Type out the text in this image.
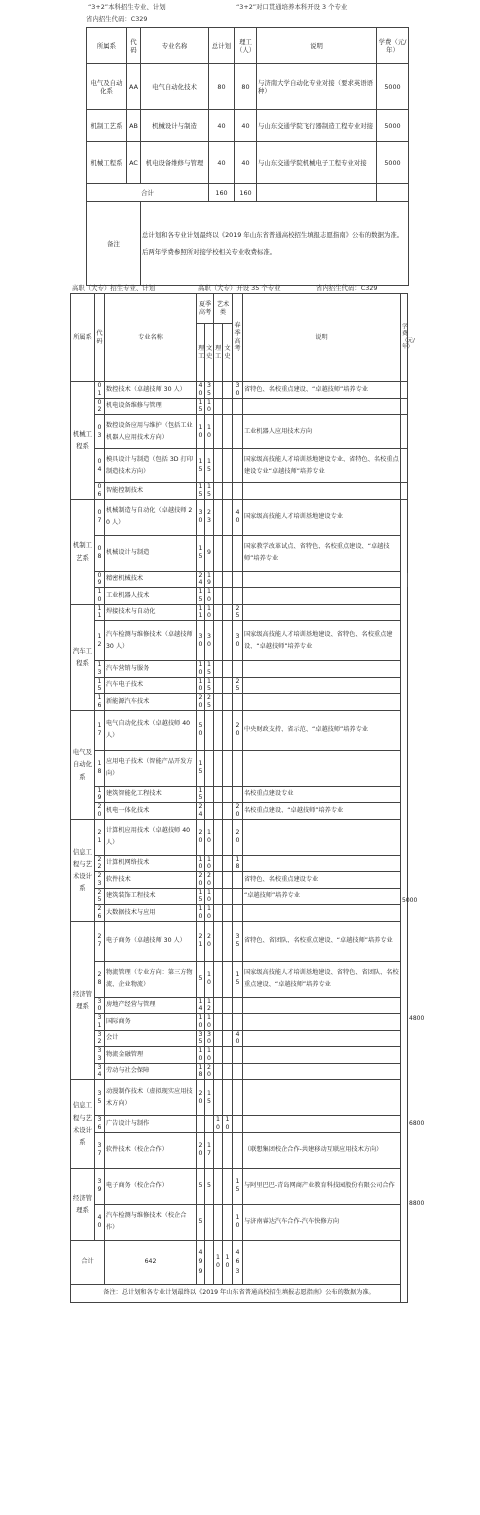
“3+2”本科招生专业、计划	“3+2”对口贯通培养本科开设 3 个专业
省内招生代码：C329
所属系	代码	专业名称	总计划	理工（人）	说明	学费（元/年）
电气及自动化系	AA	电气自动化技术	80	80	与济南大学自动化专业对接（要求英语语种）	5000
机制工艺系	AB	机械设计与制造	40	40	与山东交通学院飞行器制造工程专业对接	5000
机械工程系	AC	机电设备维修与管理	40	40	与山东交通学院机械电子工程专业对接	5000
合计			160	160		
备注		总计划和各专业计划最终以《2019 年山东省普通高校招生填报志愿指南》公布的数据为准。后两年学费参照所对接学校相关专业收费标准。				
高职（大专）招生专业、计划	高职（大专）开设 35 个专业	省内招生代码：C329
所属系	代码	专业名称	夏季高考		艺术类		春季高考	说明	学费（元/年）	
			理工	文史	理工	文史				
机械工程系	01	数控技术（卓越技师 30 人）	40	35			30	省特色、名校重点建设、“卓越技师”培养专业		
	02	机电设备维修与管理	15	10						
	03	数控设备应用与维护（包括工业机器人应用技术方向）	10	10				工业机器人应用技术方向		
	04	模具设计与制造（包括 3D 打印制造技术方向）	15	15				国家级高技能人才培训基地建设专业、省特色、名校重点建设专业“卓越技师”培养专业		
	06	智能控制技术	15	15						
机制工艺系	07	机械制造与自动化（卓越技师 20 人）	30	23			40	国家级高技能人才培训基地建设专业	5000	
	08	机械设计与制造	15	9				国家教学改革试点、省特色、名校重点建设、“卓越技师”培养专业		
	09	精密机械技术	24	19						
	10	工业机器人技术	15	10						
汽车工程系	11	焊接技术与自动化	11	10			25			
	12	汽车检测与维修技术（卓越技师 30 人）	30	30			30	国家级高技能人才培训基地建设、省特色、名校重点建设、“卓越技师”培养专业		
	13	汽车营销与服务	10	15						
	15	汽车电子技术	10	15			25			
	16	新能源汽车技术	20	25						
电气及自动化系	17	电气自动化技术（卓越技师 40 人）	50				20	中央财政支持、省示范、“卓越技师”培养专业		
	18	应用电子技术（智能产品开发方向）	15							
	19	建筑智能化工程技术	15					名校重点建设专业		
	20	机电一体化技术	24				20	名校重点建设、“卓越技师”培养专业		
信息工程与艺术设计系	21	计算机应用技术（卓越技师 40 人）	20	10			20			
	22	计算机网络技术	10	10			18			
	23	软件技术	20	20				省特色、名校重点建设专业		
	25	建筑装饰工程技术	15	10				“卓越技师”培养专业		
	26	大数据技术与应用	10	10						
经济管理系	27	电子商务（卓越技师 30 人）	21	20			35	省特色、省团队、名校重点建设、“卓越技师”培养专业		4800
	28	物流管理（专业方向：第三方物流、企业物流）	5	10			15	国家级高技能人才培训基地建设、省特色、省团队、名校重点建设、“卓越技师”培养专业		
	30	房地产经营与管理	14	12						
	31	国际商务	10	10						
	32	会计	35	30			40			
	33	物流金融管理	10	10						
	34	劳动与社会保障	18	20						
信息工程与艺术设计系	35	动漫制作技术（虚拟现实应用技术方向）	20	15						6800
	36	广告设计与制作			10	10				
	37	软件技术（校企合作）	20	17				（联想集团校企合作-共建移动互联应用技术方向）		
经济管理系	39	电子商务（校企合作）	5	5			15	与阿里巴巴-青岛网商产业教育科技园股份有限公司合作		8800
	40	汽车检测与维修技术（校企合作）	5				10	与济南睿达汽车合作-汽车快修方向		
合计		642	499		10	10	463			
备注：总计划和各专业计划最终以《2019 年山东省普通高校招生填报志愿指南》公布的数据为准。										
